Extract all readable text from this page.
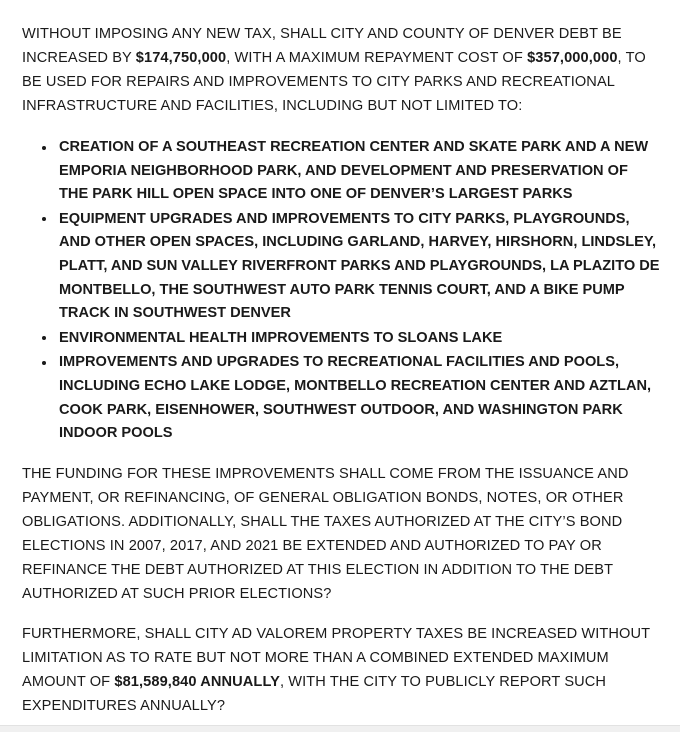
WITHOUT IMPOSING ANY NEW TAX, SHALL CITY AND COUNTY OF DENVER DEBT BE INCREASED BY $174,750,000, WITH A MAXIMUM REPAYMENT COST OF $357,000,000, TO BE USED FOR REPAIRS AND IMPROVEMENTS TO CITY PARKS AND RECREATIONAL INFRASTRUCTURE AND FACILITIES, INCLUDING BUT NOT LIMITED TO:

CREATION OF A SOUTHEAST RECREATION CENTER AND SKATE PARK AND A NEW EMPORIA NEIGHBORHOOD PARK, AND DEVELOPMENT AND PRESERVATION OF THE PARK HILL OPEN SPACE INTO ONE OF DENVER’S LARGEST PARKS
EQUIPMENT UPGRADES AND IMPROVEMENTS TO CITY PARKS, PLAYGROUNDS, AND OTHER OPEN SPACES, INCLUDING GARLAND, HARVEY, HIRSHORN, LINDSLEY, PLATT, AND SUN VALLEY RIVERFRONT PARKS AND PLAYGROUNDS, LA PLAZITO DE MONTBELLO, THE SOUTHWEST AUTO PARK TENNIS COURT, AND A BIKE PUMP TRACK IN SOUTHWEST DENVER
ENVIRONMENTAL HEALTH IMPROVEMENTS TO SLOANS LAKE
IMPROVEMENTS AND UPGRADES TO RECREATIONAL FACILITIES AND POOLS, INCLUDING ECHO LAKE LODGE, MONTBELLO RECREATION CENTER AND AZTLAN, COOK PARK, EISENHOWER, SOUTHWEST OUTDOOR, AND WASHINGTON PARK INDOOR POOLS

THE FUNDING FOR THESE IMPROVEMENTS SHALL COME FROM THE ISSUANCE AND PAYMENT, OR REFINANCING, OF GENERAL OBLIGATION BONDS, NOTES, OR OTHER OBLIGATIONS. ADDITIONALLY, SHALL THE TAXES AUTHORIZED AT THE CITY’S BOND ELECTIONS IN 2007, 2017, AND 2021 BE EXTENDED AND AUTHORIZED TO PAY OR REFINANCE THE DEBT AUTHORIZED AT THIS ELECTION IN ADDITION TO THE DEBT AUTHORIZED AT SUCH PRIOR ELECTIONS?

FURTHERMORE, SHALL CITY AD VALOREM PROPERTY TAXES BE INCREASED WITHOUT LIMITATION AS TO RATE BUT NOT MORE THAN A COMBINED EXTENDED MAXIMUM AMOUNT OF $81,589,840 ANNUALLY, WITH THE CITY TO PUBLICLY REPORT SUCH EXPENDITURES ANNUALLY?
